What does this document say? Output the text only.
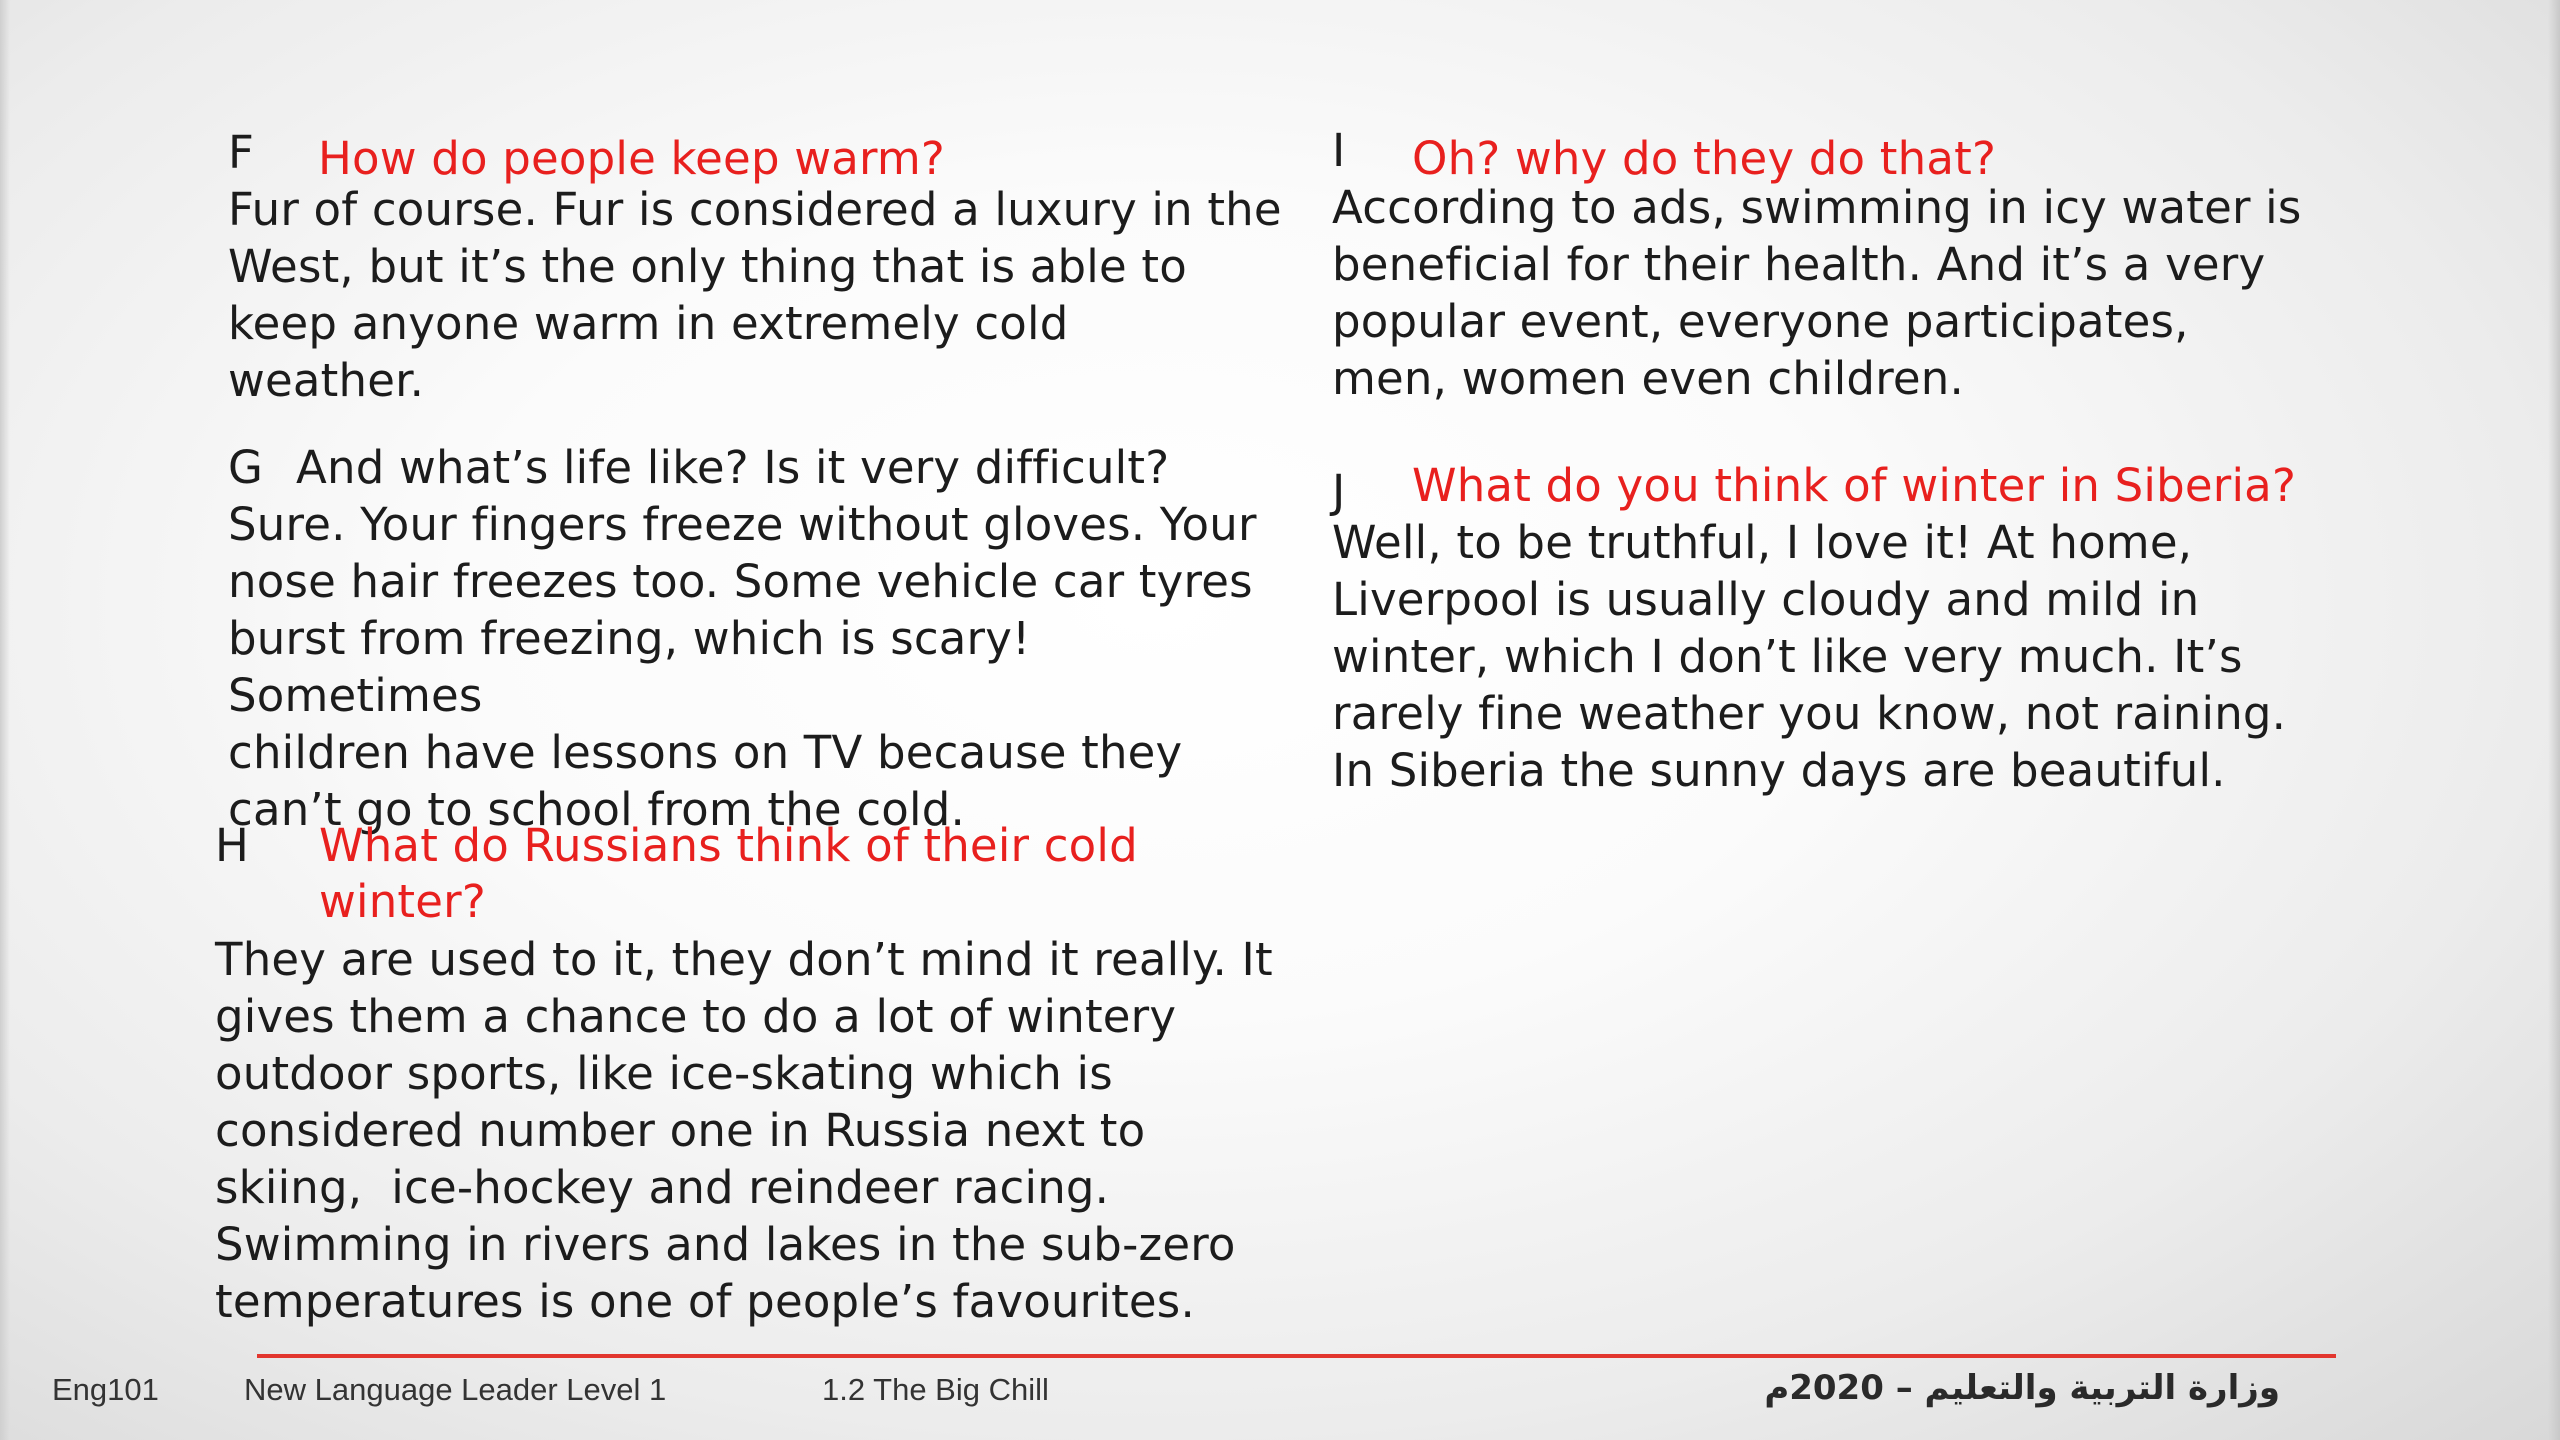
F How do people keep warm?
Fur of course. Fur is considered a luxury in the
West, but it’s the only thing that is able to
keep anyone warm in extremely cold
weather.
G And what’s life like? Is it very difficult?
Sure. Your fingers freeze without gloves. Your
nose hair freezes too. Some vehicle car tyres
burst from freezing, which is scary! Sometimes
children have lessons on TV because they
can’t go to school from the cold.
H What do Russians think of their cold
winter?
They are used to it, they don’t mind it really. It
gives them a chance to do a lot of wintery
outdoor sports, like ice-skating which is
considered number one in Russia next to
skiing,  ice-hockey and reindeer racing.
Swimming in rivers and lakes in the sub-zero
temperatures is one of people’s favourites.
I Oh? why do they do that?
According to ads, swimming in icy water is
beneficial for their health. And it’s a very
popular event, everyone participates,
men, women even children.
J What do you think of winter in Siberia?
Well, to be truthful, I love it! At home,
Liverpool is usually cloudy and mild in
winter, which I don’t like very much. It’s
rarely fine weather you know, not raining.
In Siberia the sunny days are beautiful.
Eng101	New Language Leader Level 1	1.2 The Big Chill	وزارة التربية والتعليم – 2020م
